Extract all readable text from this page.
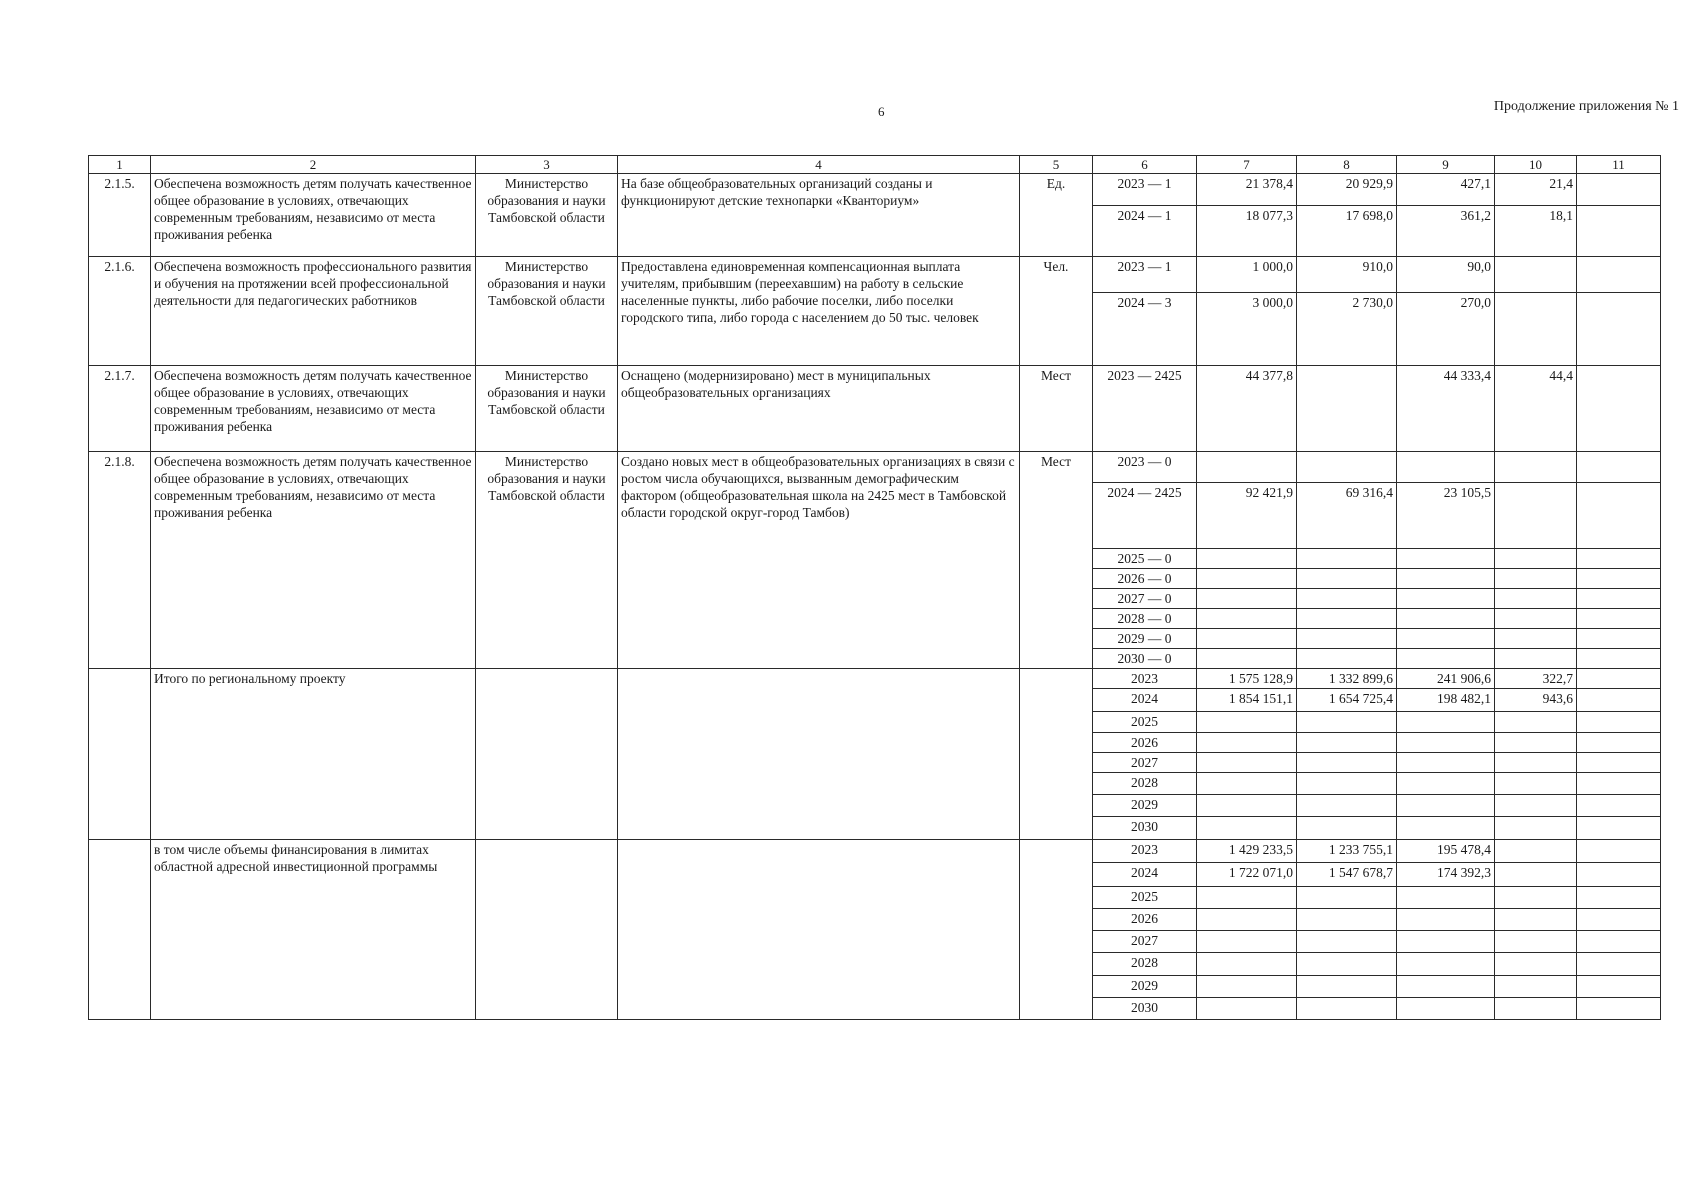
6	Продолжение приложения № 1
1	2	3	4	5	6	7	8	9	10	11
2.1.5.	Обеспечена возможность детям получать качественное общее образование в условиях, отвечающих современным требованиям, независимо от места проживания ребенка	Министерство образования и науки Тамбовской области	На базе общеобразовательных организаций созданы и функционируют детские технопарки «Кванториум»	Ед.	2023 — 1	21 378,4	20 929,9	427,1	21,4	
					2024 — 1	18 077,3	17 698,0	361,2	18,1	
2.1.6.	Обеспечена возможность профессионального развития и обучения на протяжении всей профессиональной деятельности для педагогических работников	Министерство образования и науки Тамбовской области	Предоставлена единовременная компенсационная выплата учителям, прибывшим (переехавшим) на работу в сельские населенные пункты, либо рабочие поселки, либо поселки городского типа, либо города с населением до 50 тыс. человек	Чел.	2023 — 1	1 000,0	910,0	90,0		
					2024 — 3	3 000,0	2 730,0	270,0		
2.1.7.	Обеспечена возможность детям получать качественное общее образование в условиях, отвечающих современным требованиям, независимо от места проживания ребенка	Министерство образования и науки Тамбовской области	Оснащено (модернизировано) мест в муниципальных общеобразовательных организациях	Мест	2023 — 2425	44 377,8		44 333,4	44,4	
2.1.8.	Обеспечена возможность детям получать качественное общее образование в условиях, отвечающих современным требованиям, независимо от места проживания ребенка	Министерство образования и науки Тамбовской области	Создано новых мест в общеобразовательных организациях в связи с ростом числа обучающихся, вызванным демографическим фактором (общеобразовательная школа на 2425 мест в Тамбовской области городской округ-город Тамбов)	Мест	2023 — 0					
					2024 — 2425	92 421,9	69 316,4	23 105,5		
					2025 — 0					
					2026 — 0					
					2027 — 0					
					2028 — 0					
					2029 — 0					
					2030 — 0					
	Итого по региональному проекту				2023	1 575 128,9	1 332 899,6	241 906,6	322,7	
					2024	1 854 151,1	1 654 725,4	198 482,1	943,6	
					2025					
					2026					
					2027					
					2028					
					2029					
					2030					
	в том числе объемы финансирования в лимитах областной адресной инвестиционной программы				2023	1 429 233,5	1 233 755,1	195 478,4		
					2024	1 722 071,0	1 547 678,7	174 392,3		
					2025					
					2026					
					2027					
					2028					
					2029					
					2030					
